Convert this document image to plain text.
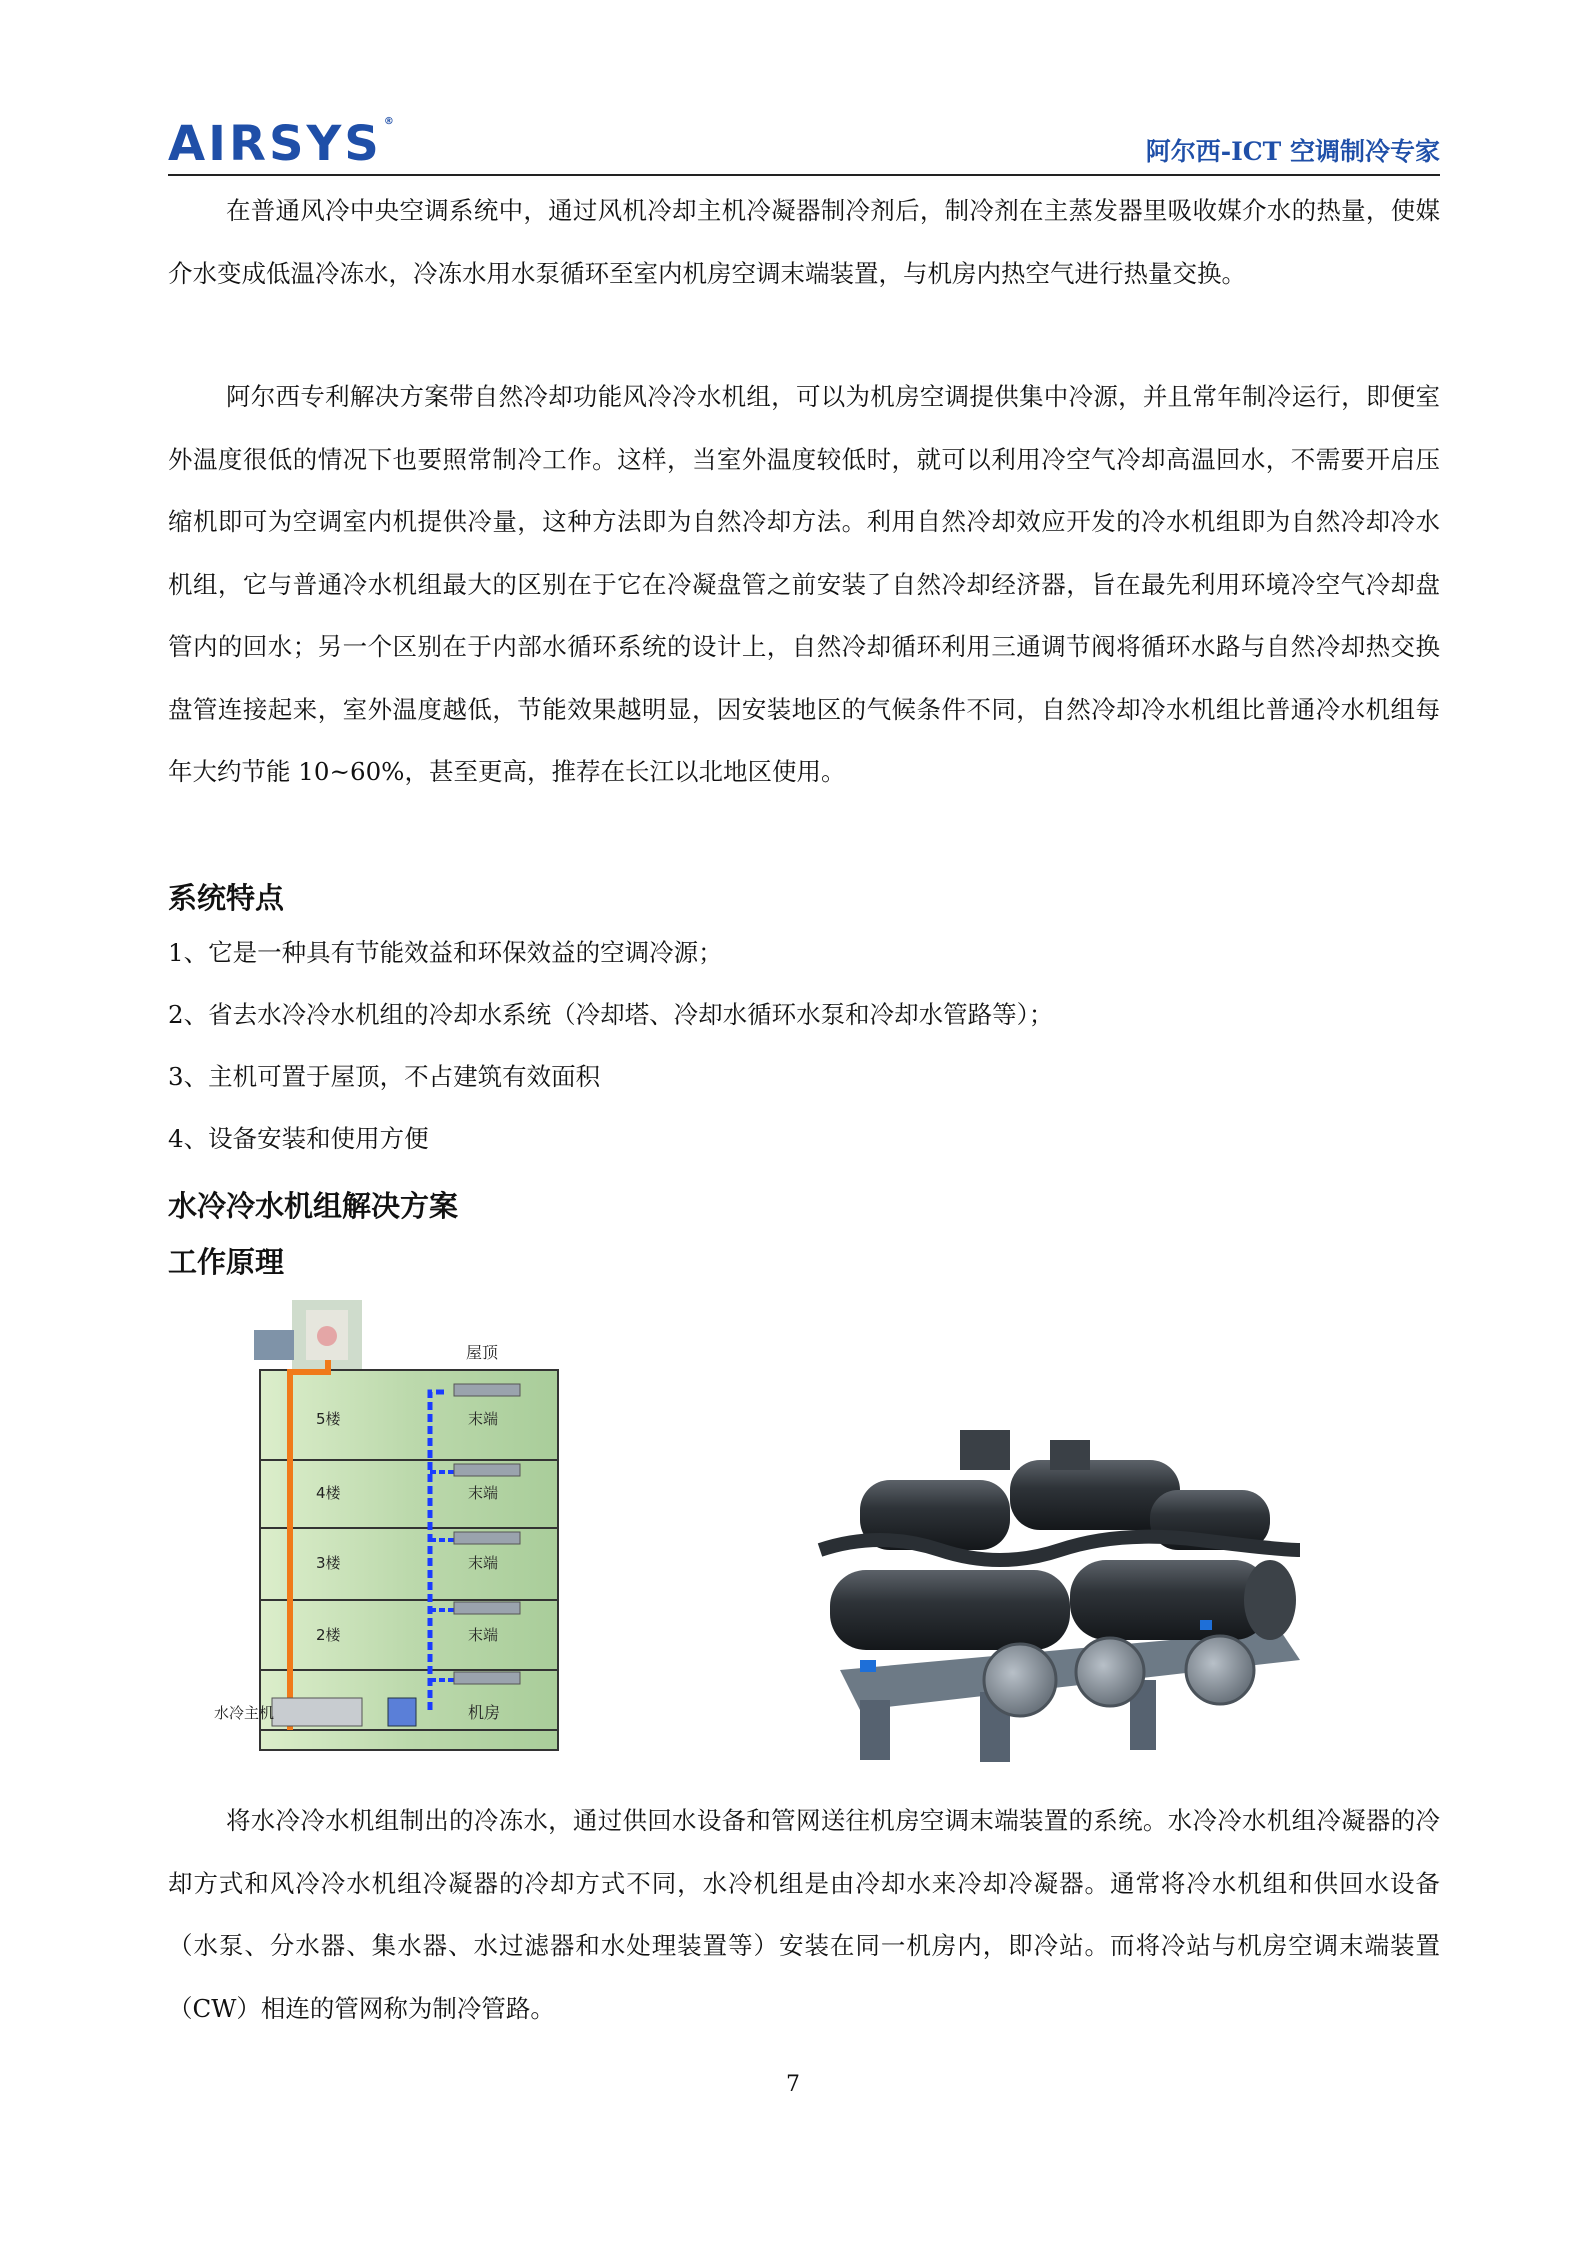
AIRSYS ®
阿尔西-ICT 空调制冷专家

在普通风冷中央空调系统中，通过风机冷却主机冷凝器制冷剂后，制冷剂在主蒸发器里吸收媒介水的热量，使媒介水变成低温冷冻水，冷冻水用水泵循环至室内机房空调末端装置，与机房内热空气进行热量交换。

阿尔西专利解决方案带自然冷却功能风冷冷水机组，可以为机房空调提供集中冷源，并且常年制冷运行，即便室外温度很低的情况下也要照常制冷工作。这样，当室外温度较低时，就可以利用冷空气冷却高温回水，不需要开启压缩机即可为空调室内机提供冷量，这种方法即为自然冷却方法。利用自然冷却效应开发的冷水机组即为自然冷却冷水机组，它与普通冷水机组最大的区别在于它在冷凝盘管之前安装了自然冷却经济器，旨在最先利用环境冷空气冷却盘管内的回水；另一个区别在于内部水循环系统的设计上，自然冷却循环利用三通调节阀将循环水路与自然冷却热交换盘管连接起来，室外温度越低，节能效果越明显，因安装地区的气候条件不同，自然冷却冷水机组比普通冷水机组每年大约节能 10~60%，甚至更高，推荐在长江以北地区使用。

系统特点

1、它是一种具有节能效益和环保效益的空调冷源；

2、省去水冷冷水机组的冷却水系统（冷却塔、冷却水循环水泵和冷却水管路等）；

3、主机可置于屋顶，不占建筑有效面积

4、设备安装和使用方便

水冷冷水机组解决方案
工作原理
屋顶
5楼
4楼
3楼
2楼
末端
末端
末端
末端
机房
水冷主机

将水冷冷水机组制出的冷冻水，通过供回水设备和管网送往机房空调末端装置的系统。水冷冷水机组冷凝器的冷却方式和风冷冷水机组冷凝器的冷却方式不同，水冷机组是由冷却水来冷却冷凝器。通常将冷水机组和供回水设备（水泵、分水器、集水器、水过滤器和水处理装置等）安装在同一机房内，即冷站。而将冷站与机房空调末端装置（CW）相连的管网称为制冷管路。

7
